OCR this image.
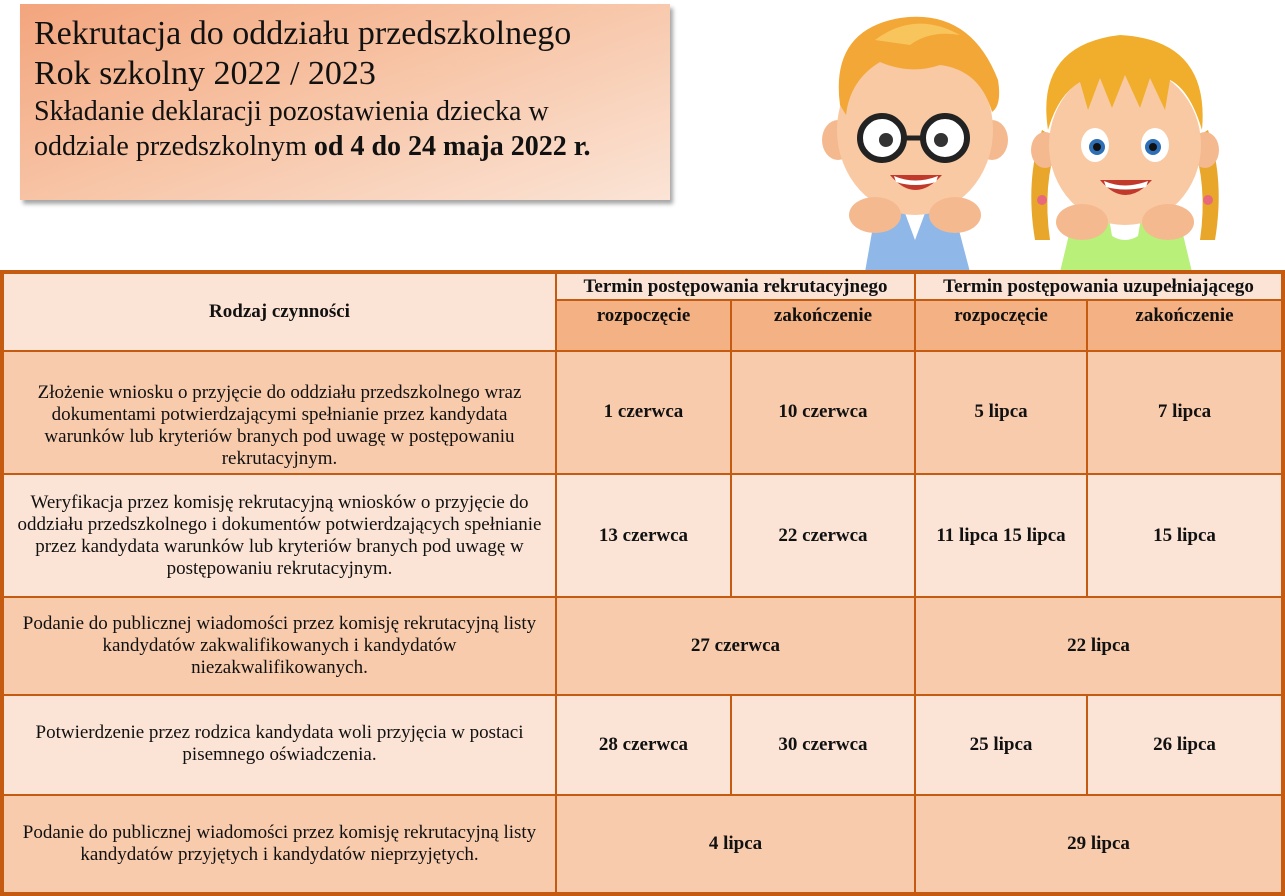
Rekrutacja do oddziału przedszkolnego
Rok szkolny 2022 / 2023
Składanie deklaracji pozostawienia dziecka w
oddziale przedszkolnym od 4 do 24 maja 2022 r.
Rodzaj czynności	Termin postępowania rekrutacyjnego		Termin postępowania uzupełniającego	
	rozpoczęcie	zakończenie	rozpoczęcie	zakończenie
Złożenie wniosku o przyjęcie do oddziału przedszkolnego wraz dokumentami potwierdzającymi spełnianie przez kandydata warunków lub kryteriów branych pod uwagę w postępowaniu rekrutacyjnym.	1 czerwca	10 czerwca	5 lipca	7 lipca
Weryfikacja przez komisję rekrutacyjną wniosków o przyjęcie do oddziału przedszkolnego i dokumentów potwierdzających spełnianie przez kandydata warunków lub kryteriów branych pod uwagę w postępowaniu rekrutacyjnym.	13 czerwca	22 czerwca	11 lipca 15 lipca	15 lipca
Podanie do publicznej wiadomości przez komisję rekrutacyjną listy kandydatów zakwalifikowanych i kandydatów niezakwalifikowanych.	27 czerwca		22 lipca	
Potwierdzenie przez rodzica kandydata woli przyjęcia w postaci pisemnego oświadczenia.	28 czerwca	30 czerwca	25 lipca	26 lipca
Podanie do publicznej wiadomości przez komisję rekrutacyjną listy kandydatów przyjętych i kandydatów nieprzyjętych.	4 lipca		29 lipca	
